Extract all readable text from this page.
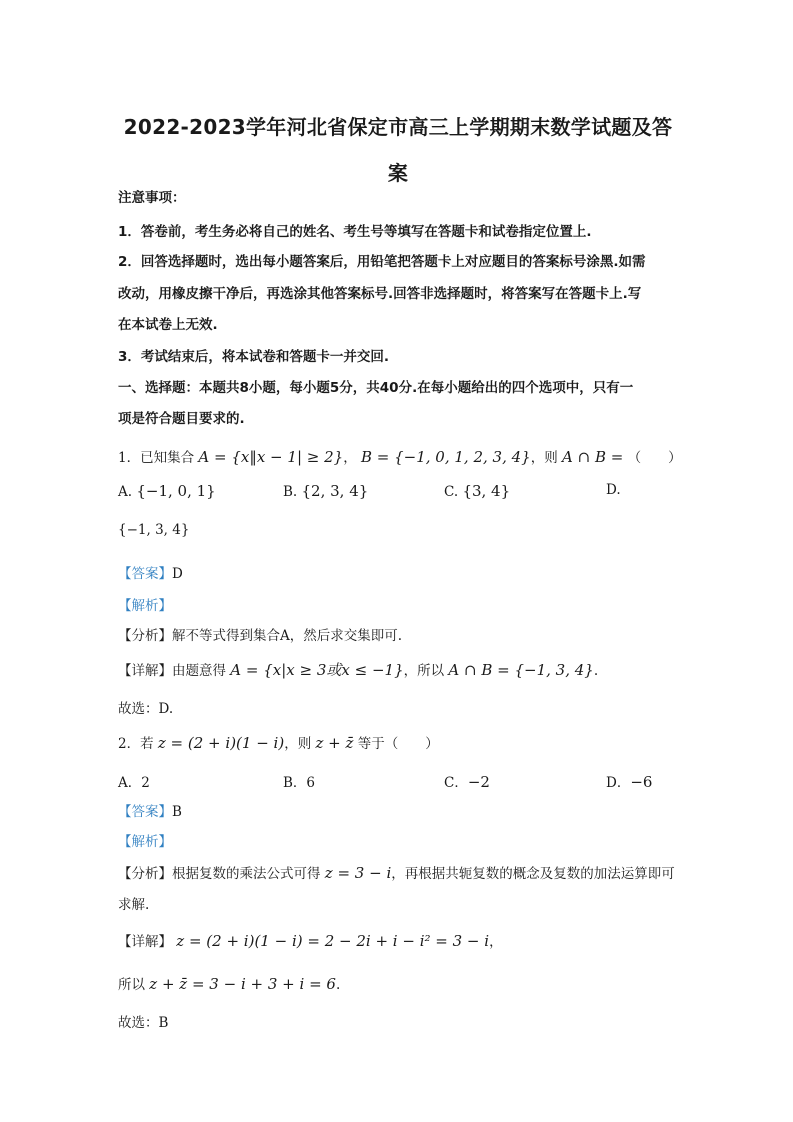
2022-2023学年河北省保定市高三上学期期末数学试题及答案
注意事项：
1．答卷前，考生务必将自己的姓名、考生号等填写在答题卡和试卷指定位置上.
2．回答选择题时，选出每小题答案后，用铅笔把答题卡上对应题目的答案标号涂黑.如需
改动，用橡皮擦干净后，再选涂其他答案标号.回答非选择题时，将答案写在答题卡上.写
在本试卷上无效.
3．考试结束后，将本试卷和答题卡一并交回.
一、选择题：本题共8小题，每小题5分，共40分.在每小题给出的四个选项中，只有一
项是符合题目要求的.
1．已知集合 A = {x‖x − 1| ≥ 2}， B = {−1, 0, 1, 2, 3, 4}，则 A ∩ B = （　　）
A. {−1, 0, 1}	B. {2, 3, 4}	C. {3, 4}	D.
{−1, 3, 4}
【答案】D
【解析】
【分析】解不等式得到集合A，然后求交集即可.
【详解】由题意得 A = {x|x ≥ 3或x ≤ −1}，所以 A ∩ B = {−1, 3, 4}.
故选：D.
2．若 z = (2 + i)(1 − i)，则 z + z̄ 等于（　　）
A．2	B．6	C．−2	D．−6
【答案】B
【解析】
【分析】根据复数的乘法公式可得 z = 3 − i，再根据共轭复数的概念及复数的加法运算即可
求解.
【详解】 z = (2 + i)(1 − i) = 2 − 2i + i − i² = 3 − i，
所以 z + z̄ = 3 − i + 3 + i = 6.
故选：B
